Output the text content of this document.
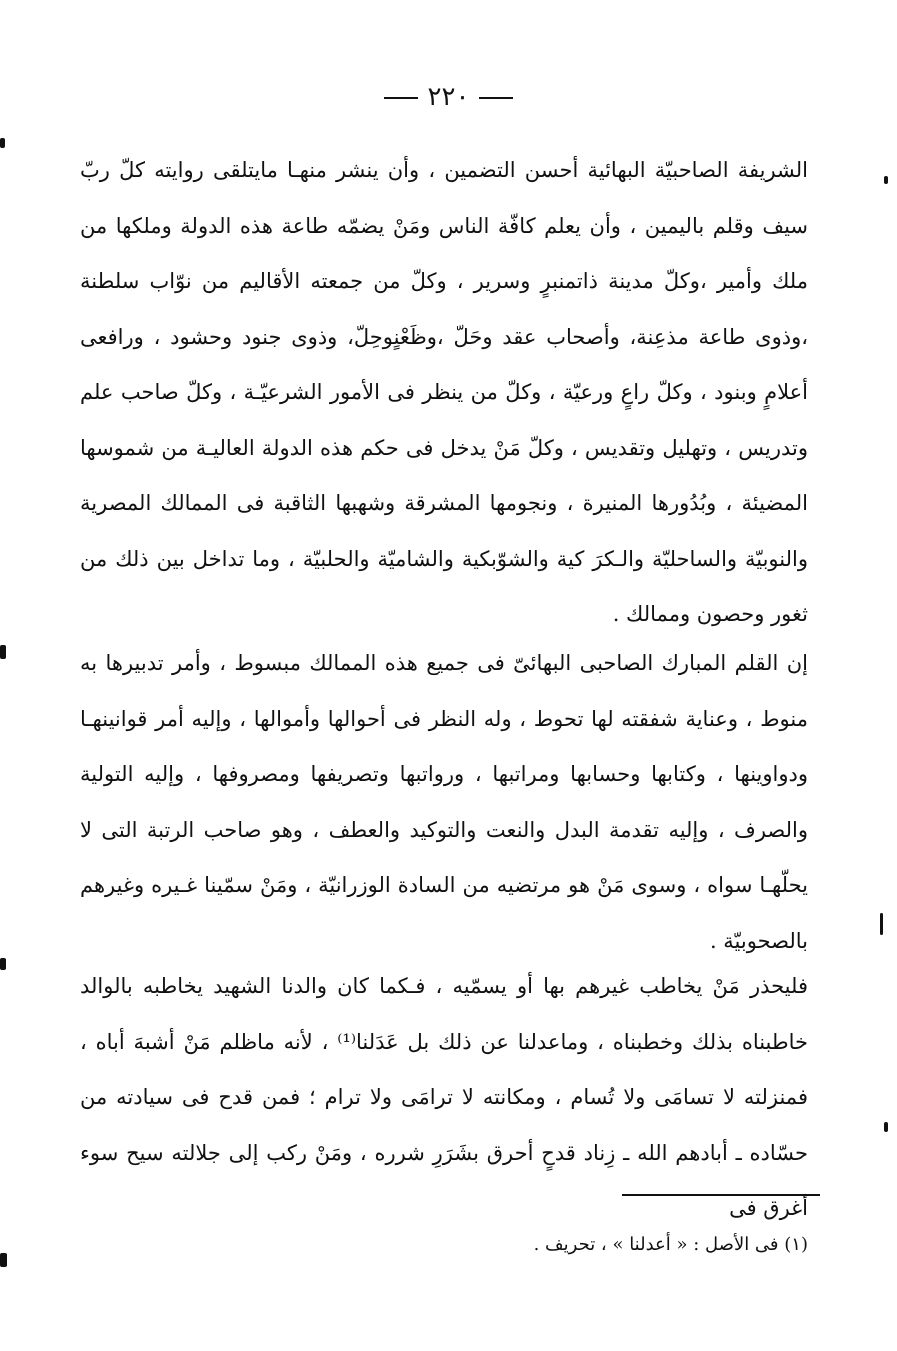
٢٢٠

الشريفة الصاحبيّة البهائية أحسن التضمين ، وأن ينشر منهـا مايتلقى روايته كلّ ربّ سيف وقلم باليمين ، وأن يعلم كافّة الناس ومَنْ يضمّه طاعة هذه الدولة وملكها من ملك وأمير ،وكلّ مدينة ذاتمنبرٍ وسرير ، وكلّ من جمعته الأقاليم من نوّاب سلطنة ،وذوى طاعة مذعِنة، وأصحاب عقد وحَلّ ،وظَعْنٍوحِلّ، وذوى جنود وحشود ، ورافعى أعلامٍ وبنود ، وكلّ راعٍ ورعيّة ، وكلّ من ينظر فى الأمور الشرعيّـة ، وكلّ صاحب علم وتدريس ، وتهليل وتقديس ، وكلّ مَنْ يدخل فى حكم هذه الدولة العاليـة من شموسها المضيئة ، وبُدُورها المنيرة ، ونجومها المشرقة وشهبها الثاقبة فى الممالك المصرية والنوبيّة والساحليّة والـكرَ كية والشوّبكية والشاميّة والحلبيّة ، وما تداخل بين ذلك من ثغور وحصون وممالك .

إن القلم المبارك الصاحبى البهائىّ فى جميع هذه الممالك مبسوط ، وأمر تدبيرها به منوط ، وعناية شفقته لها تحوط ، وله النظر فى أحوالها وأموالها ، وإليه أمر قوانينهـا ودواوينها ، وكتابها وحسابها ومراتبها ، ورواتبها وتصريفها ومصروفها ، وإليه التولية والصرف ، وإليه تقدمة البدل والنعت والتوكيد والعطف ، وهو صاحب الرتبة التى لا يحلّهـا سواه ، وسوى مَنْ هو مرتضيه من السادة الوزرانيّة ، ومَنْ سمّينا غـيره وغيرهم بالصحوبيّة .

فليحذر مَنْ يخاطب غيرهم بها أو يسمّيه ، فـكما كان والدنا الشهيد يخاطبه بالوالد خاطبناه بذلك وخطبناه ، وماعدلنا عن ذلك بل عَدَلنا⁽¹⁾ ، لأنه ماظلم مَنْ أشبهَ أباه ، فمنزلته لا تسامَى ولا تُسام ، ومكانته لا ترامَى ولا ترام ؛ فمن قدح فى سيادته من حسّاده ـ أبادهم الله ـ زِناد قدحٍ أحرق بشَرَرِ شرره ، ومَنْ ركب إلى جلالته سيح سوء أغرق فى

(١) فى الأصل : « أعدلنا » ، تحريف .
